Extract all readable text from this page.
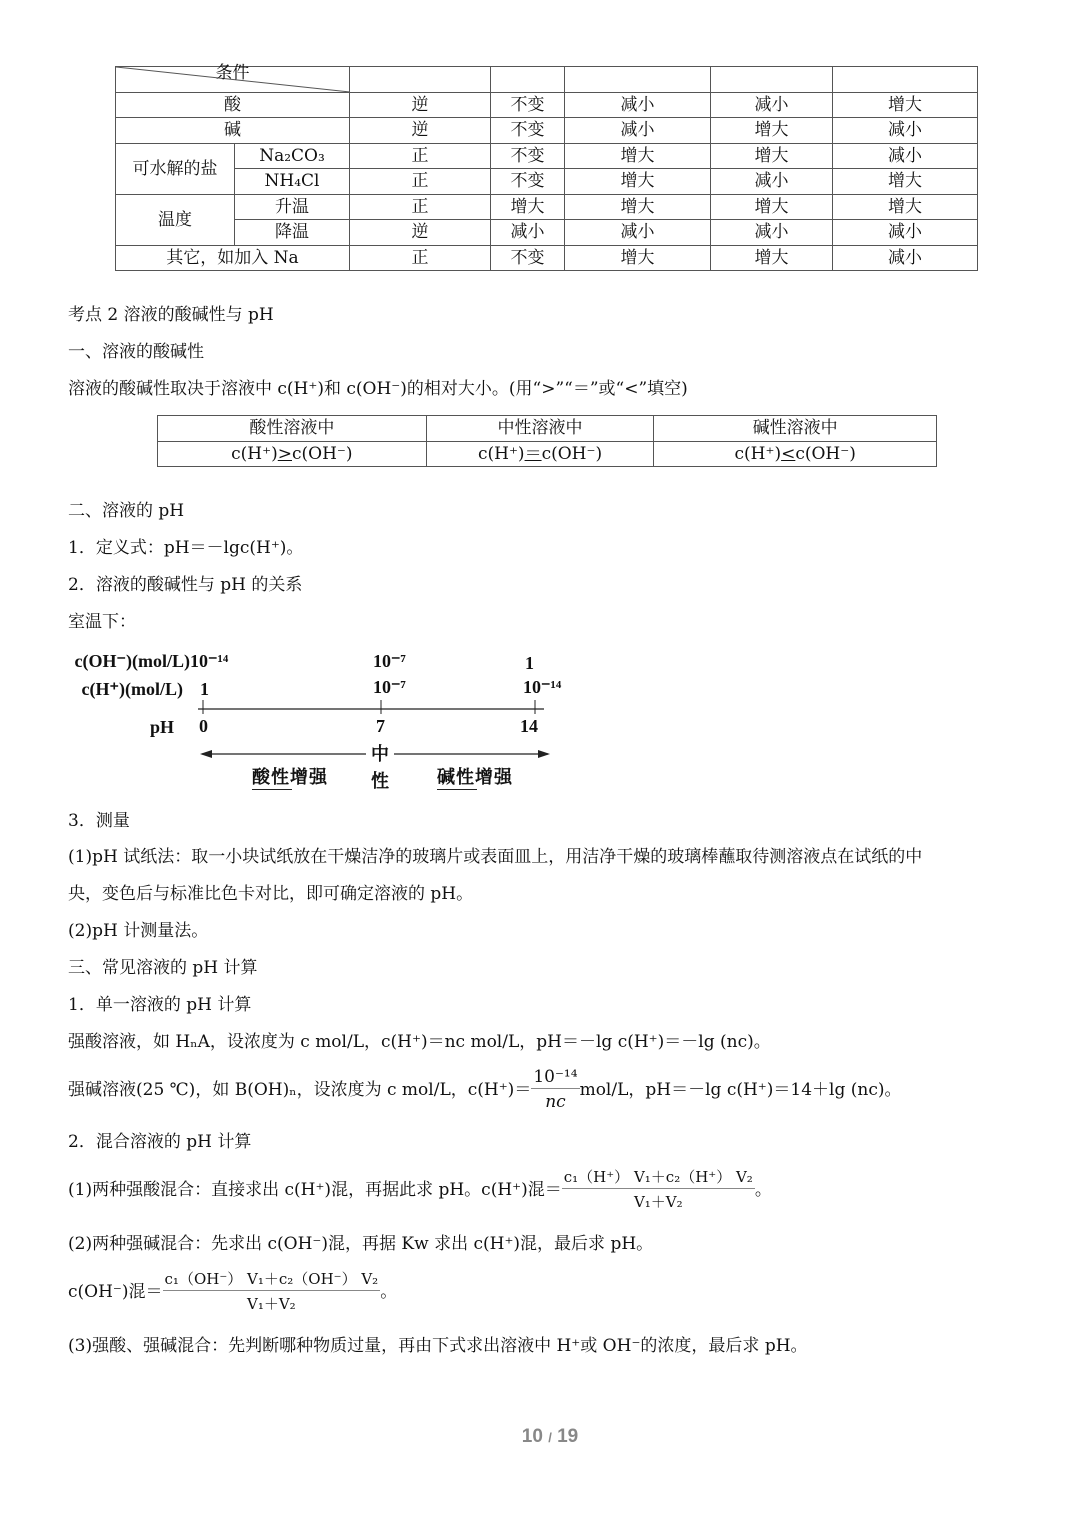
条件						
酸		逆	不变	减小	减小	增大
碱		逆	不变	减小	增大	减小
可水解的盐	Na₂CO₃	正	不变	增大	增大	减小
	NH₄Cl	正	不变	增大	减小	增大
温度	升温	正	增大	增大	增大	增大
	降温	逆	减小	减小	减小	减小
其它，如加入 Na		正	不变	增大	增大	减小
酸性溶液中	中性溶液中	碱性溶液中
c(H⁺)>c(OH⁻)	c(H⁺)＝c(OH⁻)	c(H⁺)<c(OH⁻)
考点 2 溶液的酸碱性与 pH
一、溶液的酸碱性
溶液的酸碱性取决于溶液中 c(H⁺)和 c(OH⁻)的相对大小。(用“>”“＝”或“<”填空)
二、溶液的 pH
1．定义式：pH＝－lgc(H⁺)。
2．溶液的酸碱性与 pH 的关系
室温下：
c(OH⁻)(mol/L) 10⁻¹⁴	10⁻⁷	1
c(H⁺)(mol/L) 1	10⁻⁷	10⁻¹⁴
pH 0	7	14
中
性
酸性增强	碱性增强
3．测量
(1)pH 试纸法：取一小块试纸放在干燥洁净的玻璃片或表面皿上，用洁净干燥的玻璃棒蘸取待测溶液点在试纸的中
央，变色后与标准比色卡对比，即可确定溶液的 pH。
(2)pH 计测量法。
三、常见溶液的 pH 计算
1．单一溶液的 pH 计算
强酸溶液，如 HₙA，设浓度为 c mol/L，c(H⁺)＝nc mol/L，pH＝－lg c(H⁺)＝－lg (nc)。
强碱溶液(25 ℃)，如 B(OH)ₙ，设浓度为 c mol/L，$c(H^+)= \frac{\text{10⁻¹⁴}}{nc} mol/L$，pH＝－lg c(H⁺)＝14＋lg (nc)。
2．混合溶液的 pH 计算
(1)两种强酸混合：直接求出 c(H⁺)混，再据此求 pH。c(H⁺)混＝ $\frac{\text{c₁（H⁺） V₁＋c₂（H⁺） V₂}}{\text{V₁＋V₂}}$ 。
(2)两种强碱混合：先求出 c(OH⁻)混，再据 Kw 求出 c(H⁺)混，最后求 pH。
c(OH⁻)混＝ $\frac{\text{c₁（OH⁻） V₁＋c₂（OH⁻） V₂}}{\text{V₁＋V₂}}$ 。
(3)强酸、强碱混合：先判断哪种物质过量，再由下式求出溶液中 H⁺或 OH⁻的浓度，最后求 pH。
10 / 19
